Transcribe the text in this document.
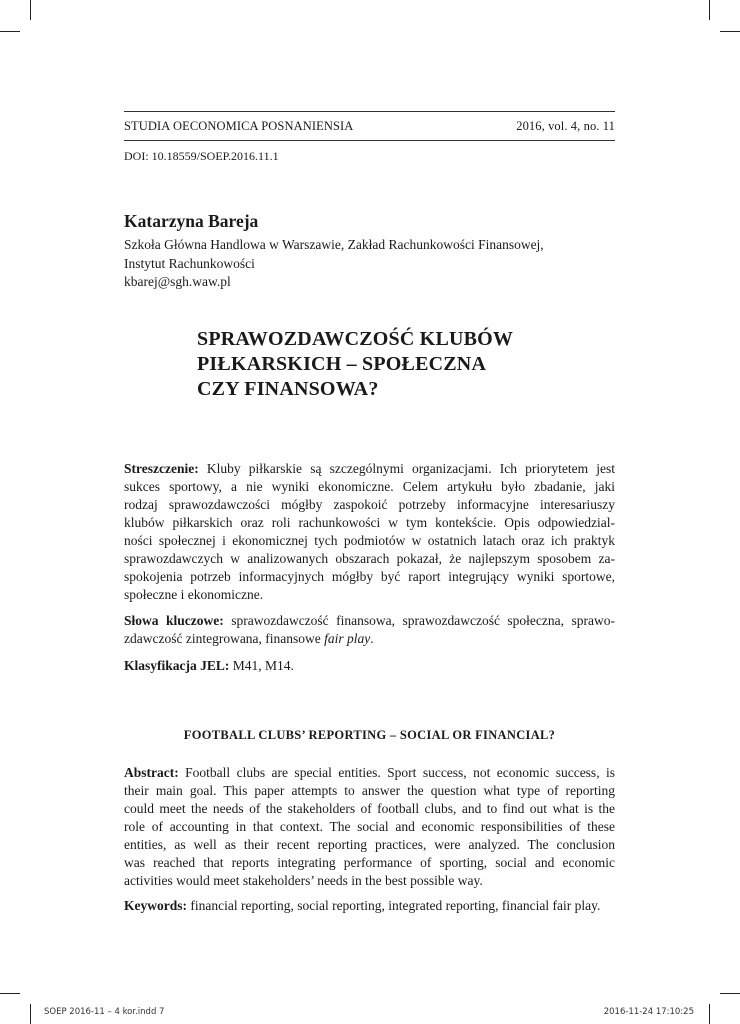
STUDIA OECONOMICA POSNANIENSIA	2016, vol. 4, no. 11
DOI: 10.18559/SOEP.2016.11.1
Katarzyna Bareja
Szkoła Główna Handlowa w Warszawie, Zakład Rachunkowości Finansowej,
Instytut Rachunkowości
kbarej@sgh.waw.pl
SPRAWOZDAWCZOŚĆ KLUBÓW
PIŁKARSKICH – SPOŁECZNA
CZY FINANSOWA?
Streszczenie: Kluby piłkarskie są szczególnymi organizacjami. Ich priorytetem jest
sukces sportowy, a nie wyniki ekonomiczne. Celem artykułu było zbadanie, jaki
rodzaj sprawozdawczości mógłby zaspokoić potrzeby informacyjne interesariuszy
klubów piłkarskich oraz roli rachunkowości w tym kontekście. Opis odpowiedzial-
ności społecznej i ekonomicznej tych podmiotów w ostatnich latach oraz ich praktyk
sprawozdawczych w analizowanych obszarach pokazał, że najlepszym sposobem za-
spokojenia potrzeb informacyjnych mógłby być raport integrujący wyniki sportowe,
społeczne i ekonomiczne.
Słowa kluczowe: sprawozdawczość finansowa, sprawozdawczość społeczna, sprawo-
zdawczość zintegrowana, finansowe fair play.
Klasyfikacja JEL: M41, M14.
FOOTBALL CLUBS’ REPORTING – SOCIAL OR FINANCIAL?
Abstract: Football clubs are special entities. Sport success, not economic success, is
their main goal. This paper attempts to answer the question what type of reporting
could meet the needs of the stakeholders of football clubs, and to find out what is the
role of accounting in that context. The social and economic responsibilities of these
entities, as well as their recent reporting practices, were analyzed. The conclusion
was reached that reports integrating performance of sporting, social and economic
activities would meet stakeholders’ needs in the best possible way.
Keywords: financial reporting, social reporting, integrated reporting, financial fair play.
SOEP 2016-11 – 4 kor.indd 7	2016-11-24 17:10:25
